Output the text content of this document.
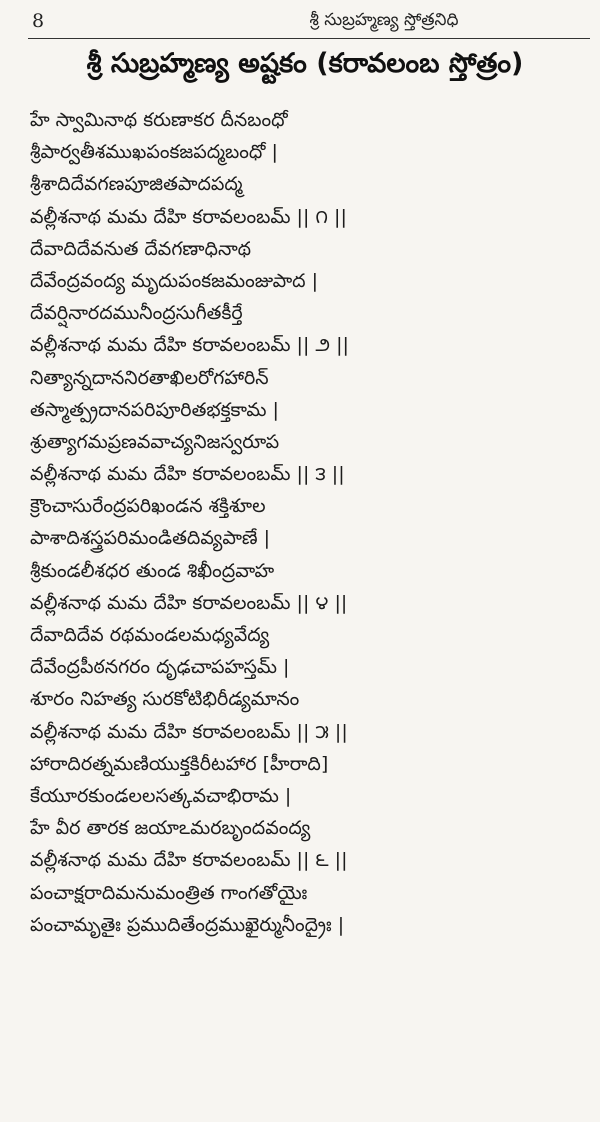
8	శ్రీ సుబ్రహ్మణ్య స్తోత్రనిధి
శ్రీ సుబ్రహ్మణ్య అష్టకం (కరావలంబ స్తోత్రం)
హే స్వామినాథ కరుణాకర దీనబంధో
శ్రీపార్వతీశముఖపంకజపద్మబంధో |
శ్రీశాదిదేవగణపూజితపాదపద్మ
వల్లీశనాథ మమ దేహి కరావలంబమ్ || ౧ ||
దేవాదిదేవనుత దేవగణాధినాథ
దేవేంద్రవంద్య మృదుపంకజమంజుపాద |
దేవర్షినారదమునీంద్రసుగీతకీర్తే
వల్లీశనాథ మమ దేహి కరావలంబమ్ || ౨ ||
నిత్యాన్నదాననిరతాఖిలరోగహారిన్
తస్మాత్ప్రదానపరిపూరితభక్తకామ |
శ్రుత్యాగమప్రణవవాచ్యనిజస్వరూప
వల్లీశనాథ మమ దేహి కరావలంబమ్ || ౩ ||
క్రౌంచాసురేంద్రపరిఖండన శక్తిశూల
పాశాదిశస్త్రపరిమండితదివ్యపాణే |
శ్రీకుండలీశధర తుండ శిఖీంద్రవాహ
వల్లీశనాథ మమ దేహి కరావలంబమ్ || ౪ ||
దేవాదిదేవ రథమండలమధ్యవేద్య
దేవేంద్రపీఠనగరం దృఢచాపహస్తమ్ |
శూరం నిహత్య సురకోటిభిరీడ్యమానం
వల్లీశనాథ మమ దేహి కరావలంబమ్ || ౫ ||
హారాదిరత్నమణియుక్తకిరీటహార [హీరాది]
కేయూరకుండలలసత్కవచాభిరామ |
హే వీర తారక జయాఽమరబృందవంద్య
వల్లీశనాథ మమ దేహి కరావలంబమ్ || ౬ ||
పంచాక్షరాదిమనుమంత్రిత గాంగతోయైః
పంచామృతైః ప్రముదితేంద్రముఖైర్మునీంద్రైః |
